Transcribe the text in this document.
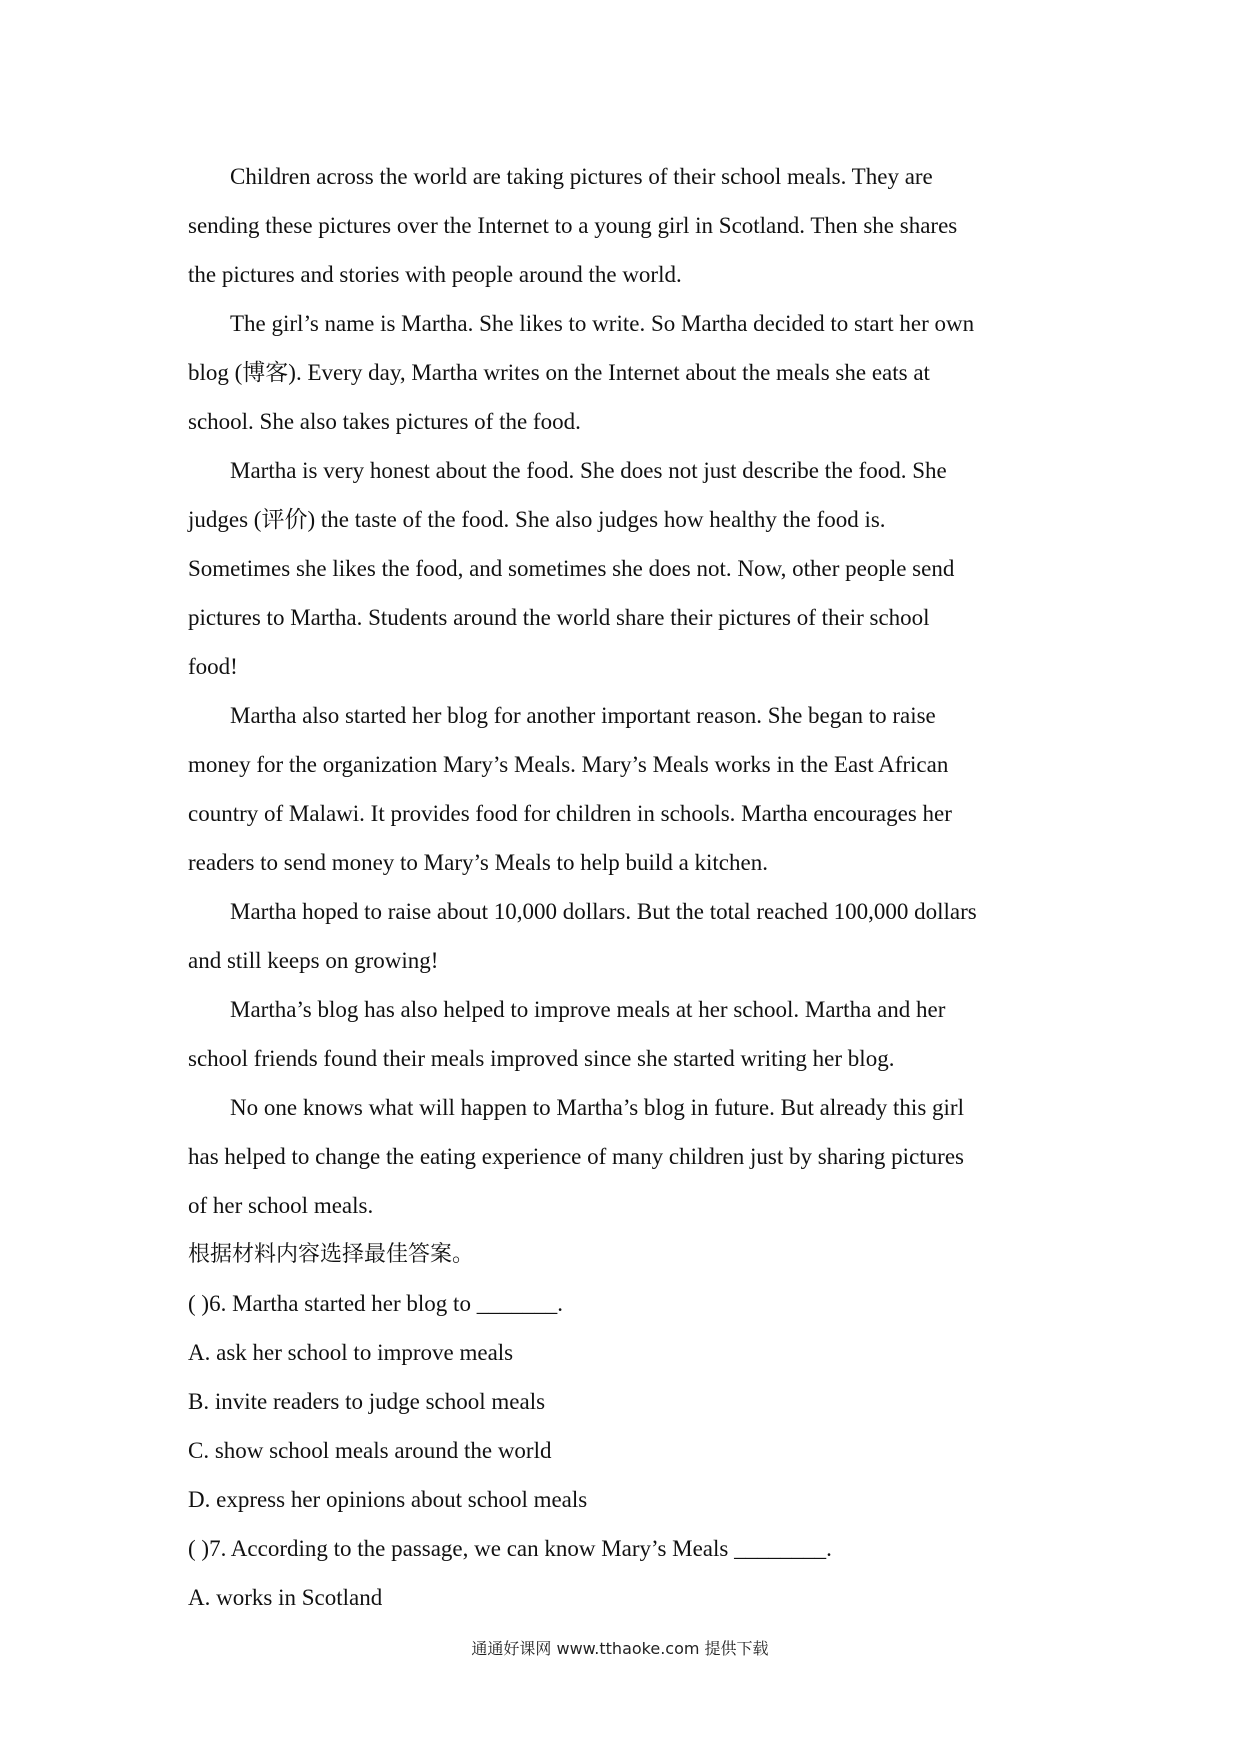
Children across the world are taking pictures of their school meals. They are
sending these pictures over the Internet to a young girl in Scotland. Then she shares
the pictures and stories with people around the world.
The girl’s name is Martha. She likes to write. So Martha decided to start her own
blog (博客). Every day, Martha writes on the Internet about the meals she eats at
school. She also takes pictures of the food.
Martha is very honest about the food. She does not just describe the food. She
judges (评价) the taste of the food. She also judges how healthy the food is.
Sometimes she likes the food, and sometimes she does not. Now, other people send
pictures to Martha. Students around the world share their pictures of their school
food!
Martha also started her blog for another important reason. She began to raise
money for the organization Mary’s Meals. Mary’s Meals works in the East African
country of Malawi. It provides food for children in schools. Martha encourages her
readers to send money to Mary’s Meals to help build a kitchen.
Martha hoped to raise about 10,000 dollars. But the total reached 100,000 dollars
and still keeps on growing!
Martha’s blog has also helped to improve meals at her school. Martha and her
school friends found their meals improved since she started writing her blog.
No one knows what will happen to Martha’s blog in future. But already this girl
has helped to change the eating experience of many children just by sharing pictures
of her school meals.
根据材料内容选择最佳答案。
( )6. Martha started her blog to _______.
A. ask her school to improve meals
B. invite readers to judge school meals
C. show school meals around the world
D. express her opinions about school meals
( )7. According to the passage, we can know Mary’s Meals ________.
A. works in Scotland
通通好课网 www.tthaoke.com 提供下载
